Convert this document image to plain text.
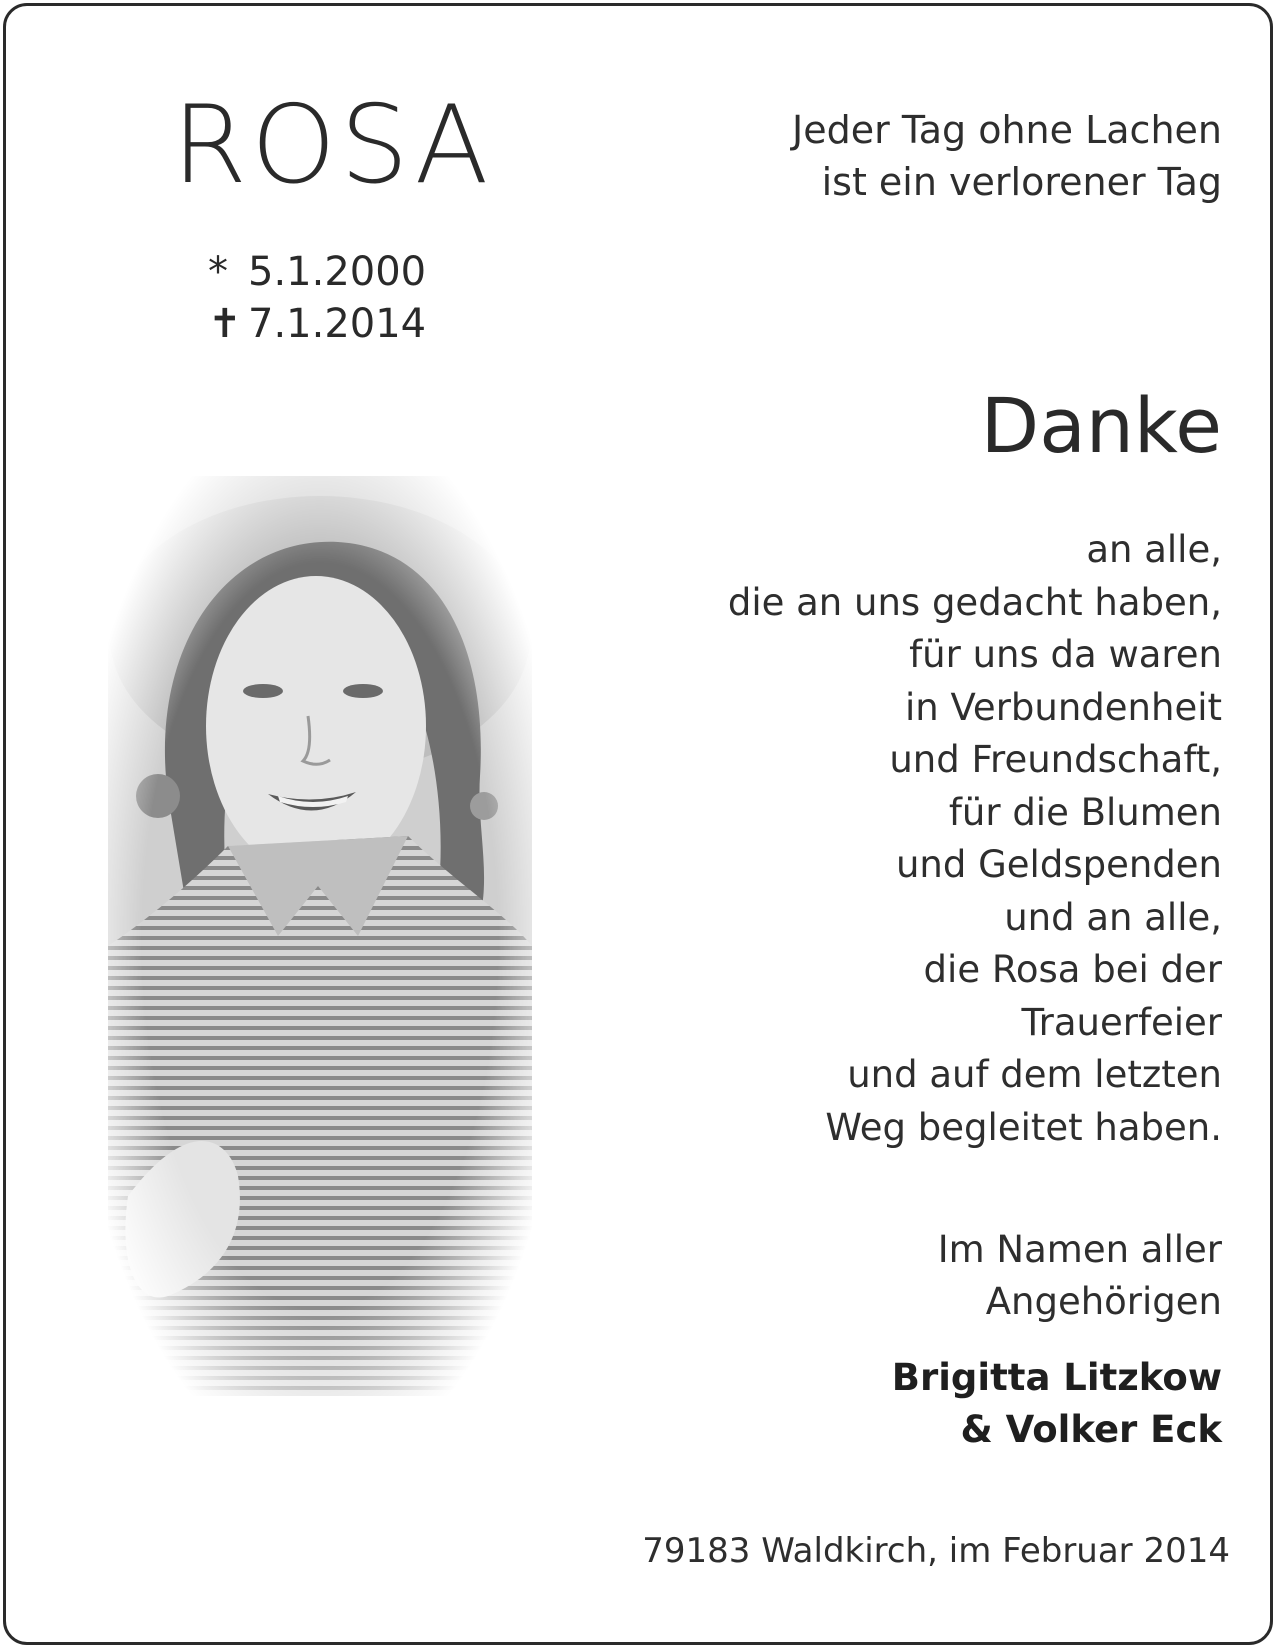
ROSA
* 5.1.2000
✝ 7.1.2014
Jeder Tag ohne Lachen
ist ein verlorener Tag
Danke
an alle,
die an uns gedacht haben,
für uns da waren
in Verbundenheit
und Freundschaft,
für die Blumen
und Geldspenden
und an alle,
die Rosa bei der
Trauerfeier
und auf dem letzten
Weg begleitet haben.
Im Namen aller
Angehörigen
Brigitta Litzkow
& Volker Eck
79183 Waldkirch, im Februar 2014
